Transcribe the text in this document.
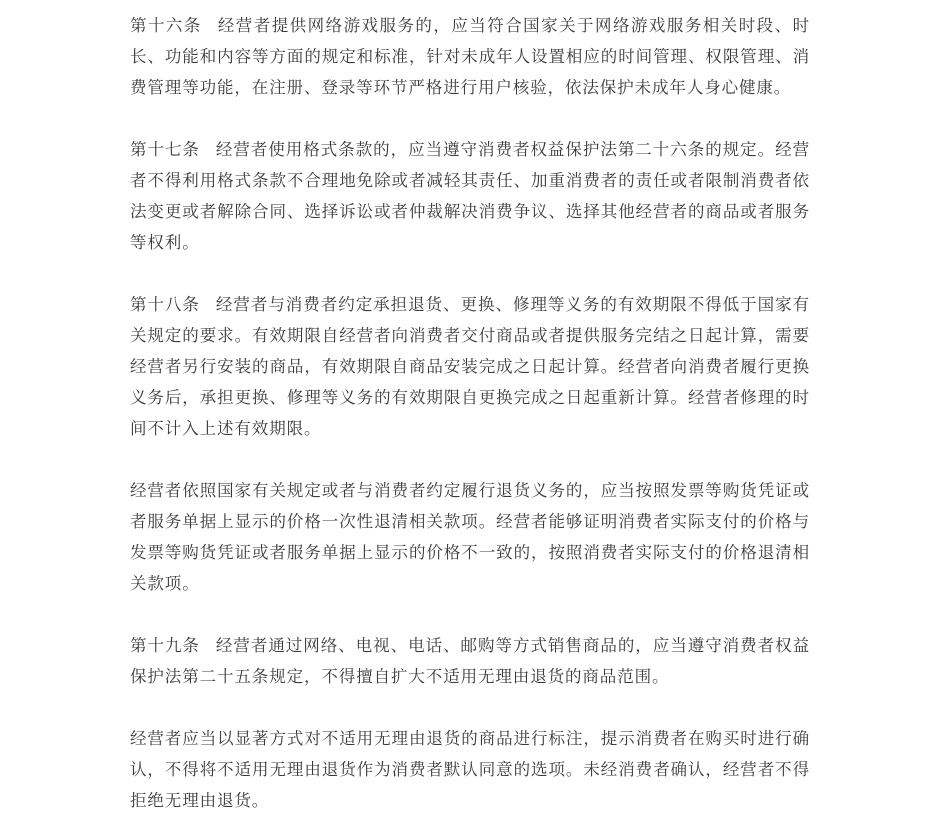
第十六条 经营者提供网络游戏服务的，应当符合国家关于网络游戏服务相关时段、时长、功能和内容等方面的规定和标准，针对未成年人设置相应的时间管理、权限管理、消费管理等功能，在注册、登录等环节严格进行用户核验，依法保护未成年人身心健康。

第十七条 经营者使用格式条款的，应当遵守消费者权益保护法第二十六条的规定。经营者不得利用格式条款不合理地免除或者减轻其责任、加重消费者的责任或者限制消费者依法变更或者解除合同、选择诉讼或者仲裁解决消费争议、选择其他经营者的商品或者服务等权利。

第十八条 经营者与消费者约定承担退货、更换、修理等义务的有效期限不得低于国家有关规定的要求。有效期限自经营者向消费者交付商品或者提供服务完结之日起计算，需要经营者另行安装的商品，有效期限自商品安装完成之日起计算。经营者向消费者履行更换义务后，承担更换、修理等义务的有效期限自更换完成之日起重新计算。经营者修理的时间不计入上述有效期限。

经营者依照国家有关规定或者与消费者约定履行退货义务的，应当按照发票等购货凭证或者服务单据上显示的价格一次性退清相关款项。经营者能够证明消费者实际支付的价格与发票等购货凭证或者服务单据上显示的价格不一致的，按照消费者实际支付的价格退清相关款项。

第十九条 经营者通过网络、电视、电话、邮购等方式销售商品的，应当遵守消费者权益保护法第二十五条规定，不得擅自扩大不适用无理由退货的商品范围。

经营者应当以显著方式对不适用无理由退货的商品进行标注，提示消费者在购买时进行确认，不得将不适用无理由退货作为消费者默认同意的选项。未经消费者确认，经营者不得拒绝无理由退货。
